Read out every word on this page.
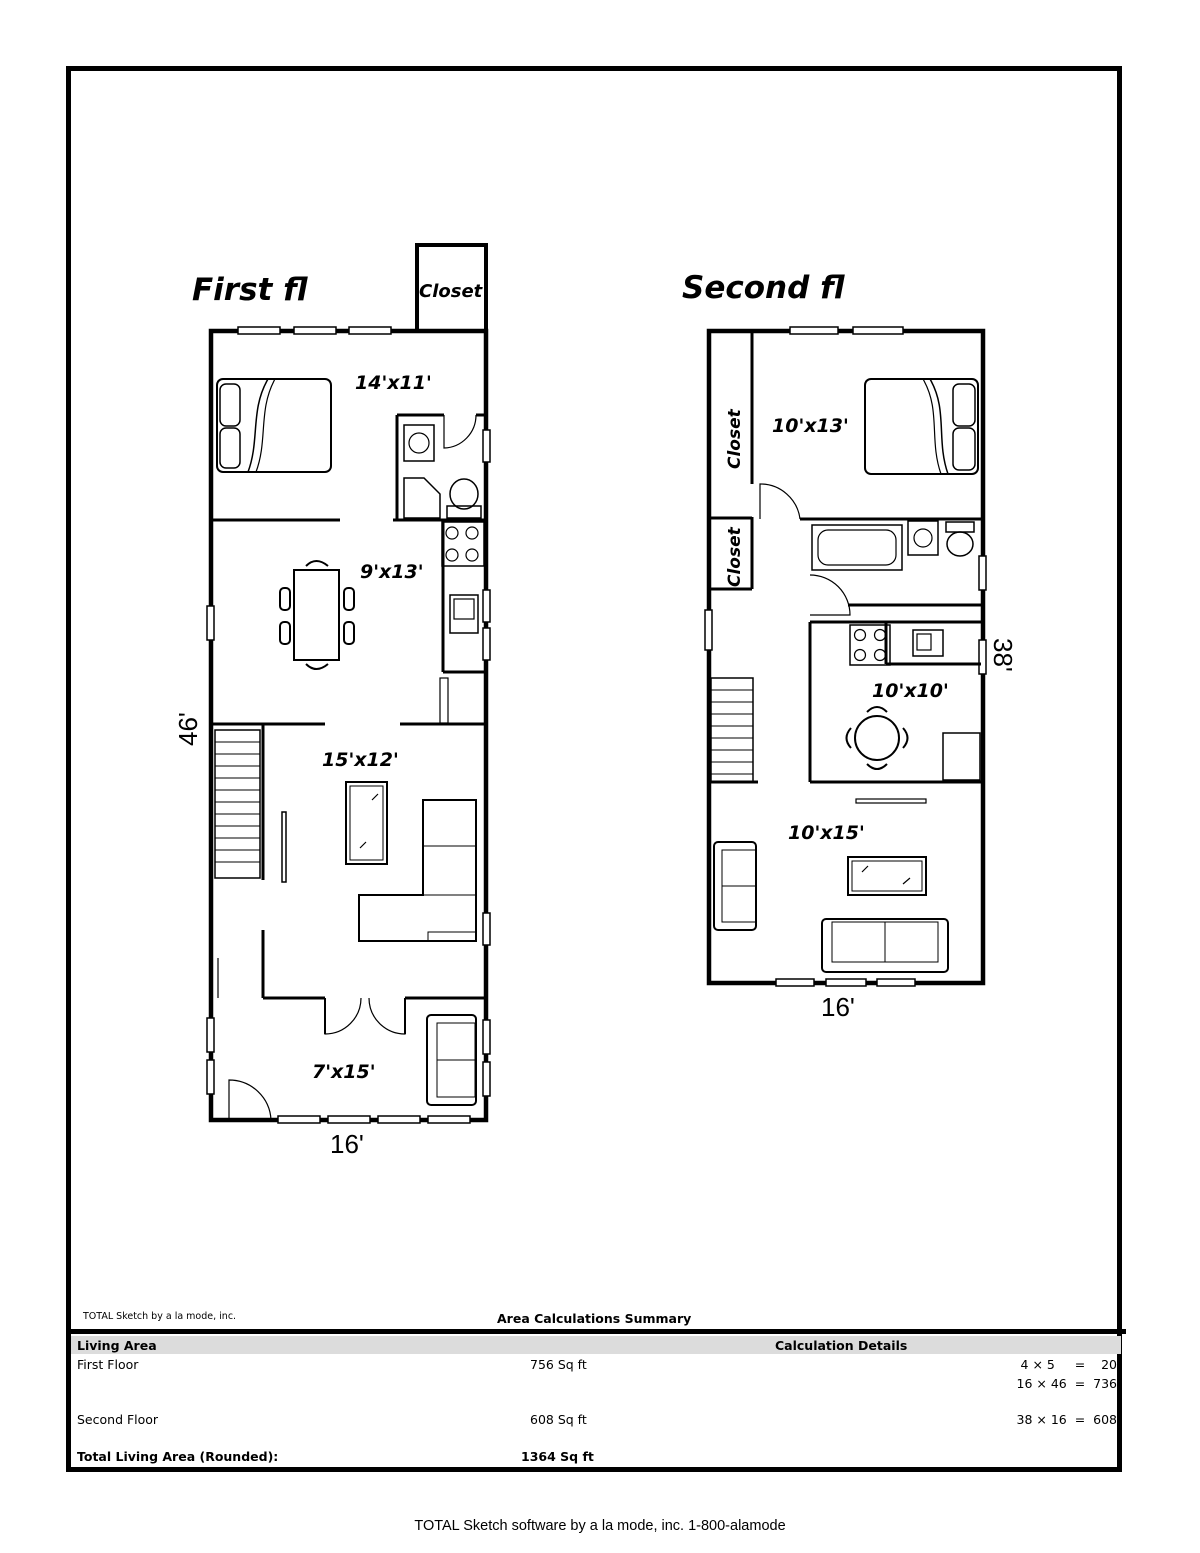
First fl	Closet
14'x11'
9'x13'
15'x12'
7'x15'
16'
46'
Second fl
Closet
Closet
10'x13'
10'x10'
10'x15'
16'
38'
TOTAL Sketch by a la mode, inc.	Area Calculations Summary
Living Area	Calculation Details
First Floor	756 Sq ft	4 × 5     =    20
16 × 46  =  736
Second Floor	608 Sq ft	38 × 16  =  608
Total Living Area (Rounded):	1364 Sq ft
TOTAL Sketch software by a la mode, inc. 1-800-alamode
